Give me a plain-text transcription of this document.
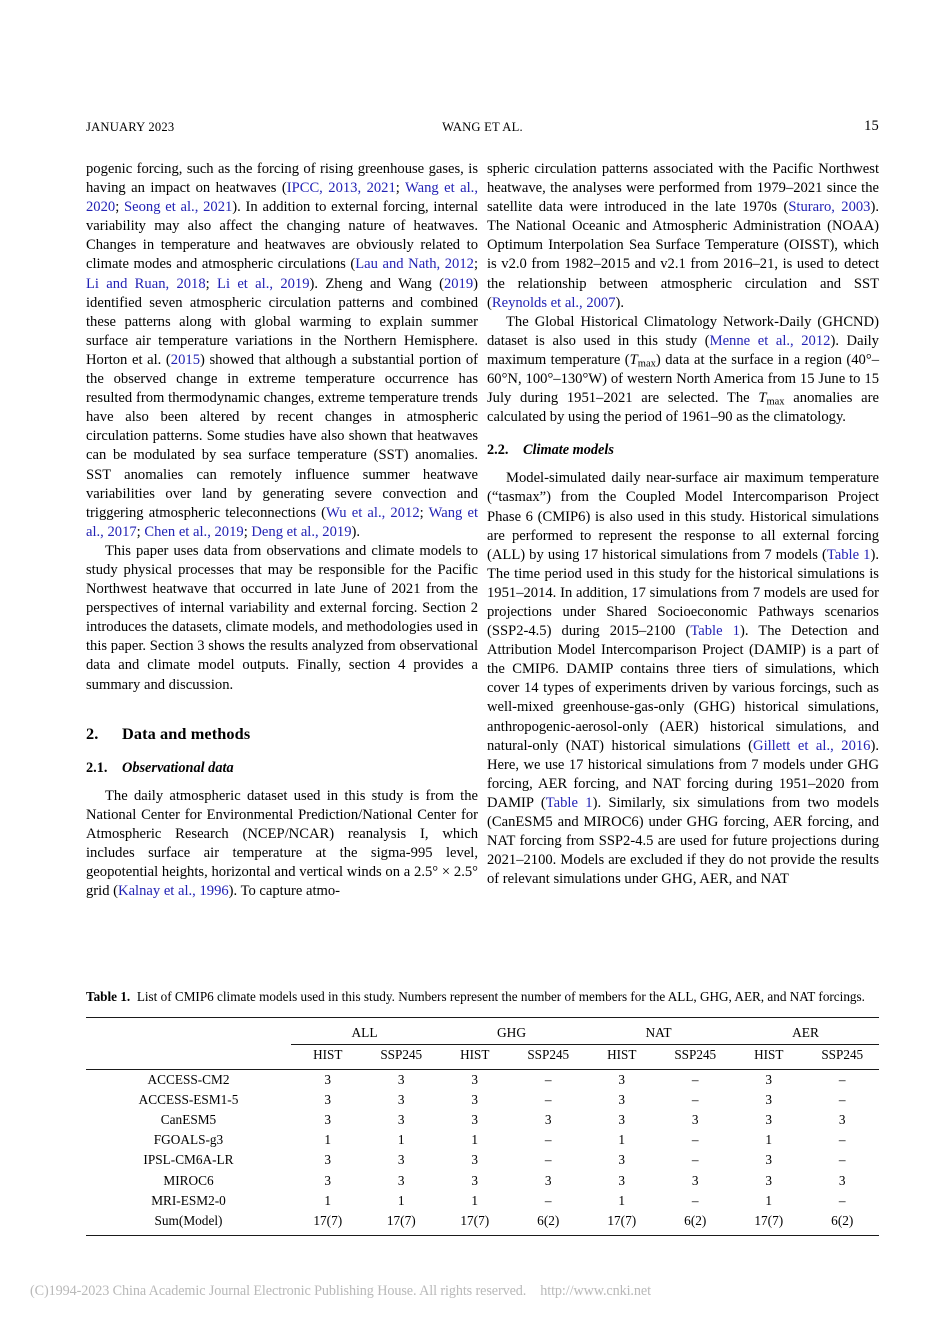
JANUARY 2023	WANG ET AL.	15

pogenic forcing, such as the forcing of rising greenhouse gases, is having an impact on heatwaves (IPCC, 2013, 2021; Wang et al., 2020; Seong et al., 2021). In addition to external forcing, internal variability may also affect the changing nature of heatwaves. Changes in temperature and heatwaves are obviously related to climate modes and atmospheric circulations (Lau and Nath, 2012; Li and Ruan, 2018; Li et al., 2019). Zheng and Wang (2019) identified seven atmospheric circulation patterns and combined these patterns along with global warming to explain summer surface air temperature variations in the Northern Hemisphere. Horton et al. (2015) showed that although a substantial portion of the observed change in extreme temperature occurrence has resulted from thermodynamic changes, extreme temperature trends have also been altered by recent changes in atmospheric circulation patterns. Some studies have also shown that heatwaves can be modulated by sea surface temperature (SST) anomalies. SST anomalies can remotely influence summer heatwave variabilities over land by generating severe convection and triggering atmospheric teleconnections (Wu et al., 2012; Wang et al., 2017; Chen et al., 2019; Deng et al., 2019).

This paper uses data from observations and climate models to study physical processes that may be responsible for the Pacific Northwest heatwave that occurred in late June of 2021 from the perspectives of internal variability and external forcing. Section 2 introduces the datasets, climate models, and methodologies used in this paper. Section 3 shows the results analyzed from observational data and climate model outputs. Finally, section 4 provides a summary and discussion.

2. Data and methods
2.1. Observational data

The daily atmospheric dataset used in this study is from the National Center for Environmental Prediction/National Center for Atmospheric Research (NCEP/NCAR) reanalysis I, which includes surface air temperature at the sigma-995 level, geopotential heights, horizontal and vertical winds on a 2.5° × 2.5° grid (Kalnay et al., 1996). To capture atmo-

spheric circulation patterns associated with the Pacific Northwest heatwave, the analyses were performed from 1979–2021 since the satellite data were introduced in the late 1970s (Sturaro, 2003). The National Oceanic and Atmospheric Administration (NOAA) Optimum Interpolation Sea Surface Temperature (OISST), which is v2.0 from 1982–2015 and v2.1 from 2016–21, is used to detect the relationship between atmospheric circulation and SST (Reynolds et al., 2007).

The Global Historical Climatology Network-Daily (GHCND) dataset is also used in this study (Menne et al., 2012). Daily maximum temperature $(T_{max})$ data at the surface in a region (40°–60°N, 100°–130°W) of western North America from 15 June to 15 July during 1951–2021 are selected. The $T_{max}$ anomalies are calculated by using the period of 1961–90 as the climatology.

2.2. Climate models

Model-simulated daily near-surface air maximum temperature (“tasmax”) from the Coupled Model Intercomparison Project Phase 6 (CMIP6) is also used in this study. Historical simulations are performed to represent the response to all external forcing (ALL) by using 17 historical simulations from 7 models (Table 1). The time period used in this study for the historical simulations is 1951–2014. In addition, 17 simulations from 7 models are used for projections under Shared Socioeconomic Pathways scenarios (SSP2-4.5) during 2015–2100 (Table 1). The Detection and Attribution Model Intercomparison Project (DAMIP) is a part of the CMIP6. DAMIP contains three tiers of simulations, which cover 14 types of experiments driven by various forcings, such as well-mixed greenhouse-gas-only (GHG) historical simulations, anthropogenic-aerosol-only (AER) historical simulations, and natural-only (NAT) historical simulations (Gillett et al., 2016). Here, we use 17 historical simulations from 7 models under GHG forcing, AER forcing, and NAT forcing during 1951–2020 from DAMIP (Table 1). Similarly, six simulations from two models (CanESM5 and MIROC6) under GHG forcing, AER forcing, and NAT forcing from SSP2-4.5 are used for future projections during 2021–2100. Models are excluded if they do not provide the results of relevant simulations under GHG, AER, and NAT

Table 1. List of CMIP6 climate models used in this study. Numbers represent the number of members for the ALL, GHG, AER, and NAT forcings.

	ALL		GHG		NAT		AER	
	HIST	SSP245	HIST	SSP245	HIST	SSP245	HIST	SSP245

ACCESS-CM2	3	3	3	–	3	–	3	–
ACCESS-ESM1-5	3	3	3	–	3	–	3	–
CanESM5	3	3	3	3	3	3	3	3
FGOALS-g3	1	1	1	–	1	–	1	–
IPSL-CM6A-LR	3	3	3	–	3	–	3	–
MIROC6	3	3	3	3	3	3	3	3
MRI-ESM2-0	1	1	1	–	1	–	1	–
Sum(Model)	17(7)	17(7)	17(7)	6(2)	17(7)	6(2)	17(7)	6(2)

(C)1994-2023 China Academic Journal Electronic Publishing House. All rights reserved. http://www.cnki.net
